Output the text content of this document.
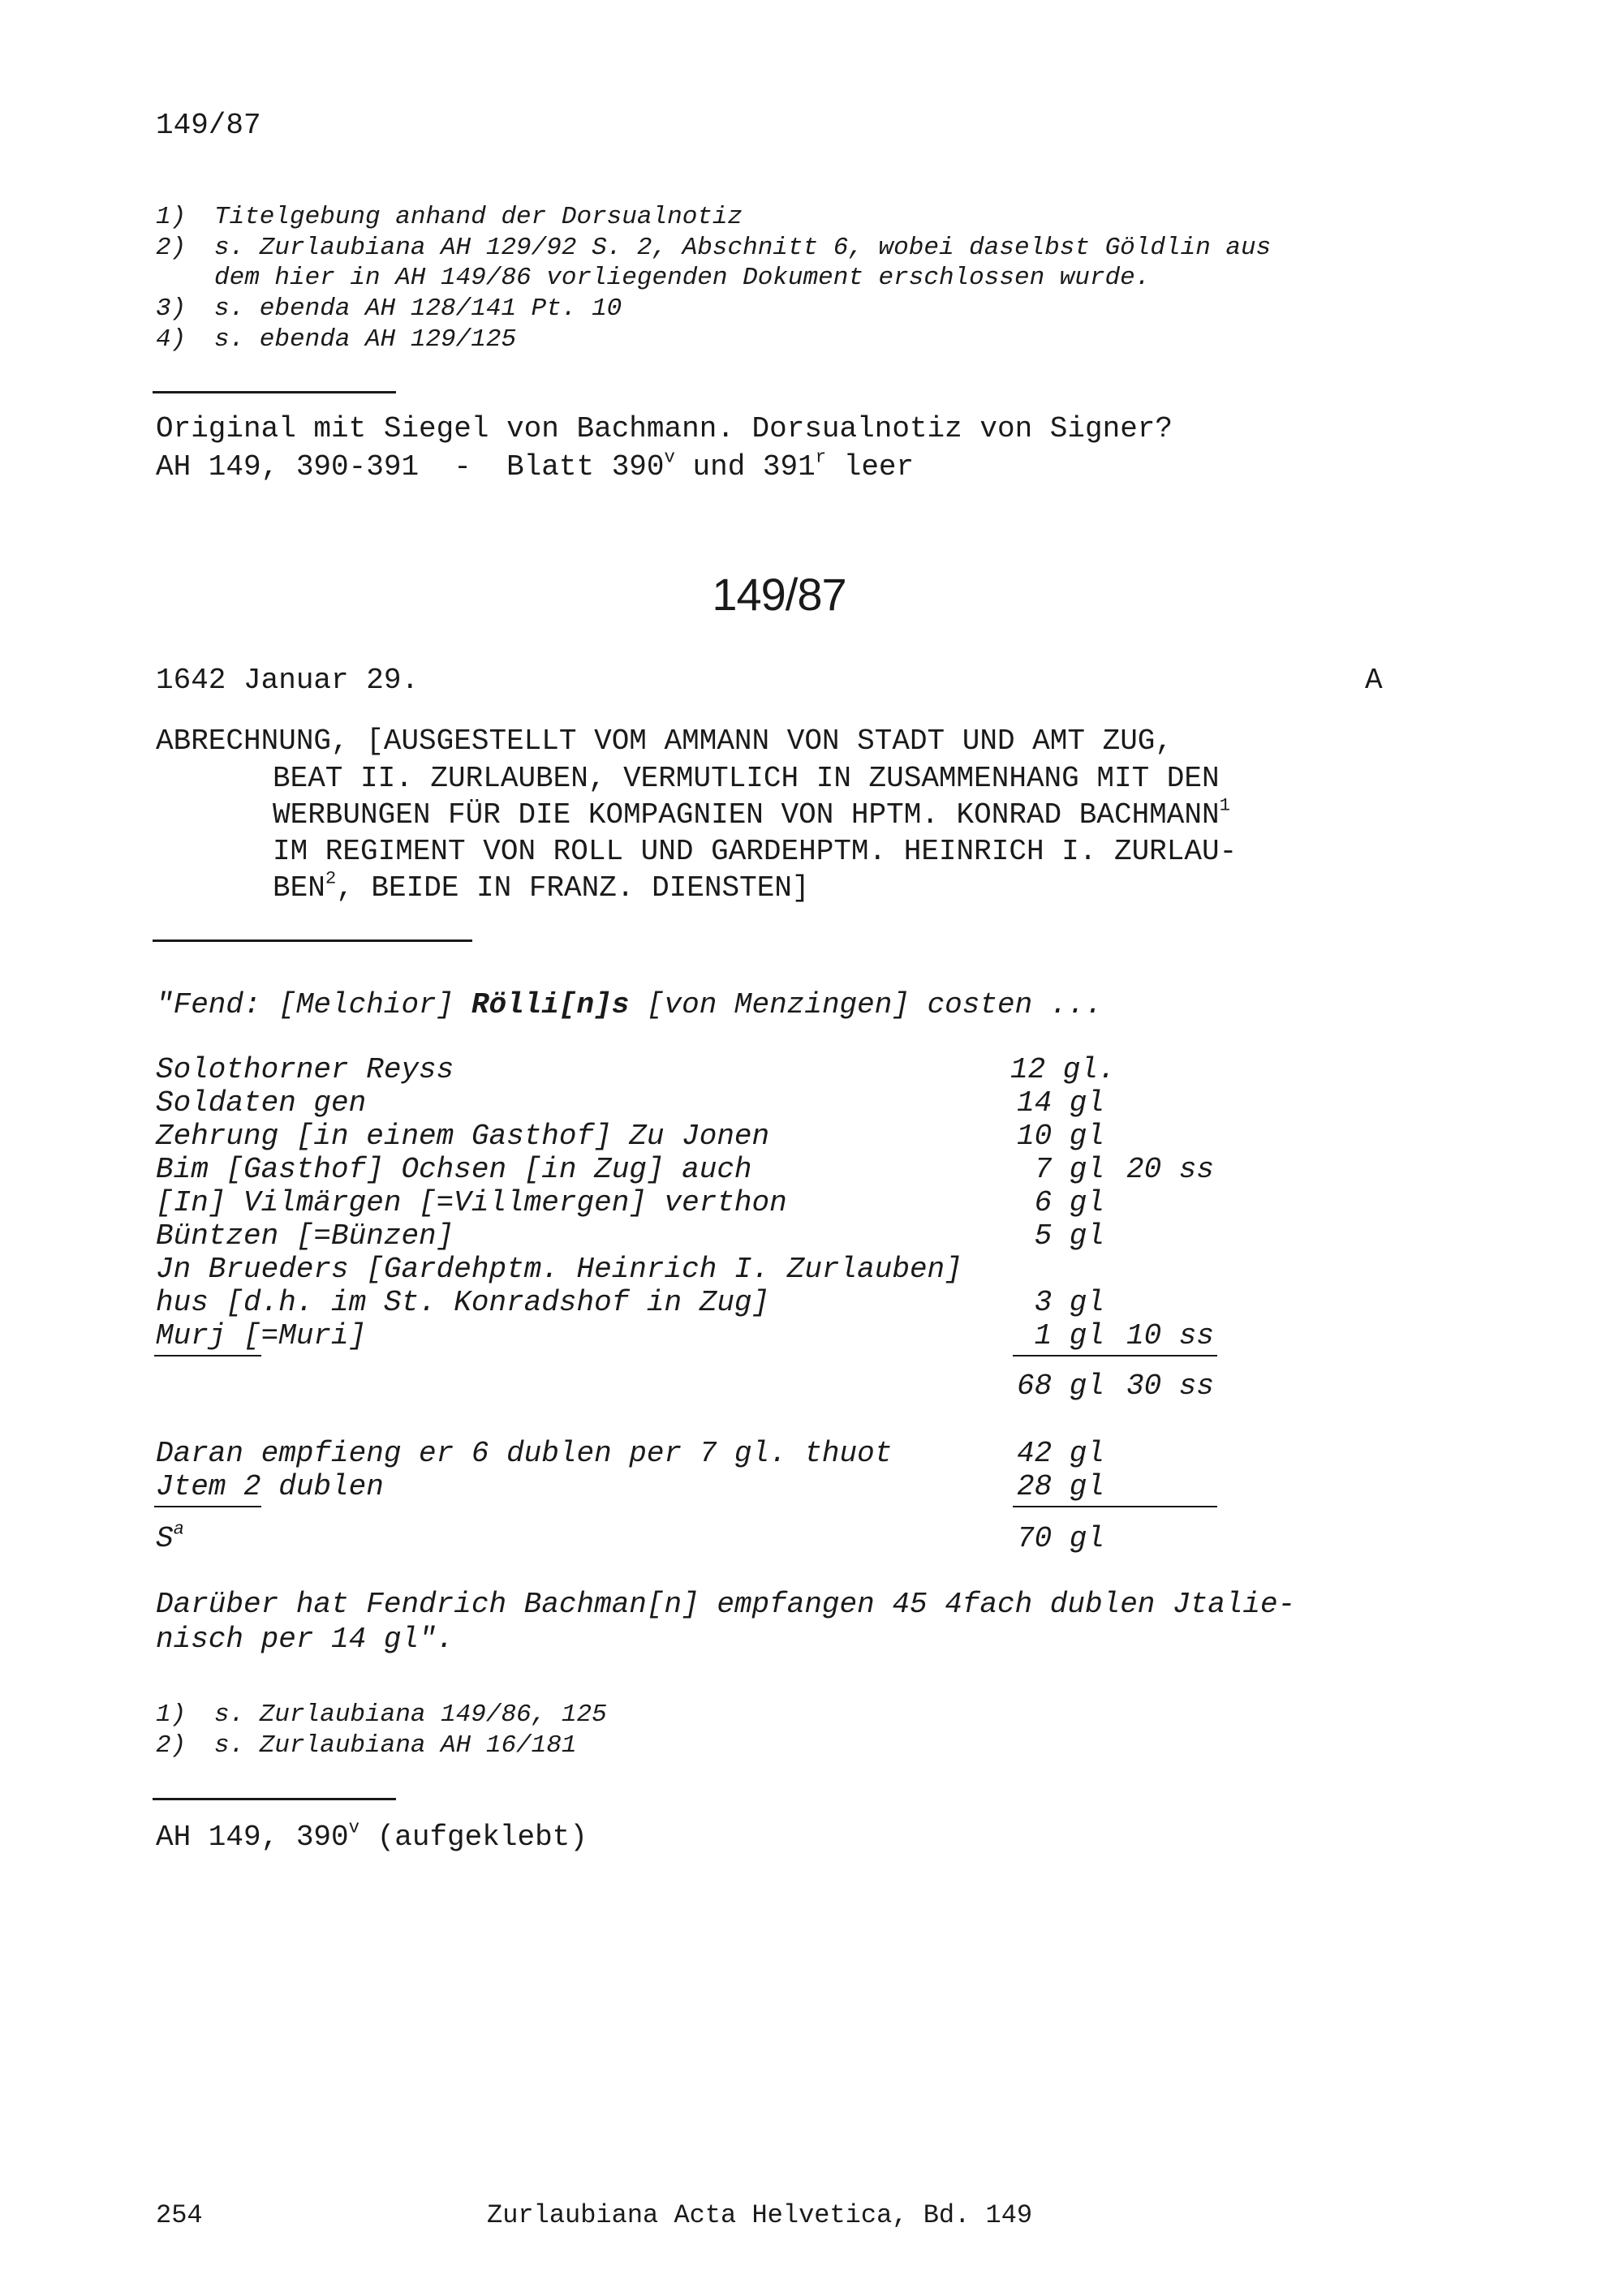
149/87
1) Titelgebung anhand der Dorsualnotiz
2) s. Zurlaubiana AH 129/92 S. 2, Abschnitt 6, wobei daselbst Göldlin aus
dem hier in AH 149/86 vorliegenden Dokument erschlossen wurde.
3) s. ebenda AH 128/141 Pt. 10
4) s. ebenda AH 129/125
Original mit Siegel von Bachmann. Dorsualnotiz von Signer?
AH 149, 390-391  -  Blatt 390$^v$ und 391$^r$ leer
149/87
1642 Januar 29.	A
ABRECHNUNG, [AUSGESTELLT VOM AMMANN VON STADT UND AMT ZUG,
BEAT II. ZURLAUBEN, VERMUTLICH IN ZUSAMMENHANG MIT DEN
WERBUNGEN FÜR DIE KOMPAGNIEN VON HPTM. KONRAD BACHMANN$^1$
IM REGIMENT VON ROLL UND GARDEHPTM. HEINRICH I. ZURLAU-
BEN$^2$, BEIDE IN FRANZ. DIENSTEN]
"Fend: [Melchior] Rölli[n]s [von Menzingen] costen ...
Solothorner Reyss	12 gl.
Soldaten gen	14 gl
Zehrung [in einem Gasthof] Zu Jonen	10 gl
Bim [Gasthof] Ochsen [in Zug] auch	7 gl 20 ss
[In] Vilmärgen [=Villmergen] verthon	6 gl
Büntzen [=Bünzen]	5 gl
Jn Brueders [Gardehptm. Heinrich I. Zurlauben]
hus [d.h. im St. Konradshof in Zug]	3 gl
Murj [=Muri]	1 gl 10 ss
68 gl 30 ss
Daran empfieng er 6 dublen per 7 gl. thuot	42 gl
Jtem 2 dublen	28 gl
$S^a$	70 gl
Darüber hat Fendrich Bachman[n] empfangen 45 4fach dublen Jtalie-
nisch per 14 gl".
1) s. Zurlaubiana 149/86, 125
2) s. Zurlaubiana AH 16/181
AH 149, 390$^v$ (aufgeklebt)
254	Zurlaubiana Acta Helvetica, Bd. 149
